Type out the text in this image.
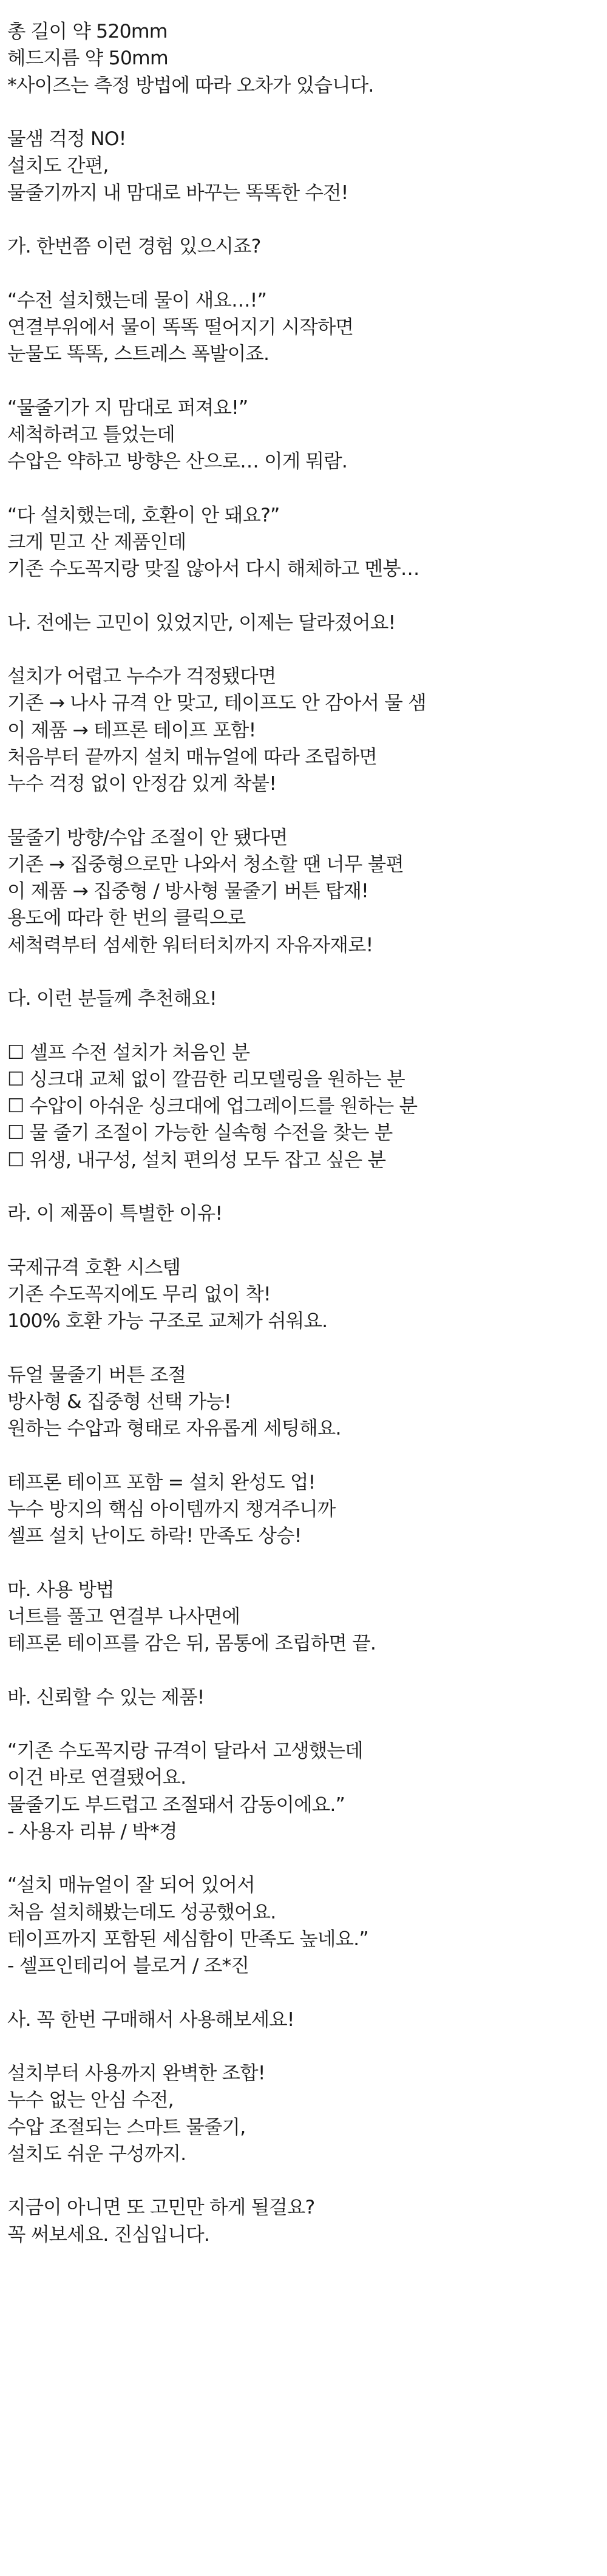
총 길이 약 520mm
헤드지름 약 50mm
*사이즈는 측정 방법에 따라 오차가 있습니다.
물샘 걱정 NO!
설치도 간편,
물줄기까지 내 맘대로 바꾸는 똑똑한 수전!
가. 한번쯤 이런 경험 있으시죠?
“수전 설치했는데 물이 새요…!”
연결부위에서 물이 똑똑 떨어지기 시작하면
눈물도 똑똑, 스트레스 폭발이죠.
“물줄기가 지 맘대로 퍼져요!”
세척하려고 틀었는데
수압은 약하고 방향은 산으로… 이게 뭐람.
“다 설치했는데, 호환이 안 돼요?”
크게 믿고 산 제품인데
기존 수도꼭지랑 맞질 않아서 다시 해체하고 멘붕…
나. 전에는 고민이 있었지만, 이제는 달라졌어요!
설치가 어렵고 누수가 걱정됐다면
기존 → 나사 규격 안 맞고, 테이프도 안 감아서 물 샘
이 제품 → 테프론 테이프 포함!
처음부터 끝까지 설치 매뉴얼에 따라 조립하면
누수 걱정 없이 안정감 있게 착붙!
물줄기 방향/수압 조절이 안 됐다면
기존 → 집중형으로만 나와서 청소할 땐 너무 불편
이 제품 → 집중형 / 방사형 물줄기 버튼 탑재!
용도에 따라 한 번의 클릭으로
세척력부터 섬세한 워터터치까지 자유자재로!
다. 이런 분들께 추천해요!
☐ 셀프 수전 설치가 처음인 분
☐ 싱크대 교체 없이 깔끔한 리모델링을 원하는 분
☐ 수압이 아쉬운 싱크대에 업그레이드를 원하는 분
☐ 물 줄기 조절이 가능한 실속형 수전을 찾는 분
☐ 위생, 내구성, 설치 편의성 모두 잡고 싶은 분
라. 이 제품이 특별한 이유!
국제규격 호환 시스템
기존 수도꼭지에도 무리 없이 착!
100% 호환 가능 구조로 교체가 쉬워요.
듀얼 물줄기 버튼 조절
방사형 & 집중형 선택 가능!
원하는 수압과 형태로 자유롭게 세팅해요.
테프론 테이프 포함 = 설치 완성도 업!
누수 방지의 핵심 아이템까지 챙겨주니까
셀프 설치 난이도 하락! 만족도 상승!
마. 사용 방법
너트를 풀고 연결부 나사면에
테프론 테이프를 감은 뒤, 몸통에 조립하면 끝.
바. 신뢰할 수 있는 제품!
“기존 수도꼭지랑 규격이 달라서 고생했는데
이건 바로 연결됐어요.
물줄기도 부드럽고 조절돼서 감동이에요.”
- 사용자 리뷰 / 박*경
“설치 매뉴얼이 잘 되어 있어서
처음 설치해봤는데도 성공했어요.
테이프까지 포함된 세심함이 만족도 높네요.”
- 셀프인테리어 블로거 / 조*진
사. 꼭 한번 구매해서 사용해보세요!
설치부터 사용까지 완벽한 조합!
누수 없는 안심 수전,
수압 조절되는 스마트 물줄기,
설치도 쉬운 구성까지.
지금이 아니면 또 고민만 하게 될걸요?
꼭 써보세요. 진심입니다.
